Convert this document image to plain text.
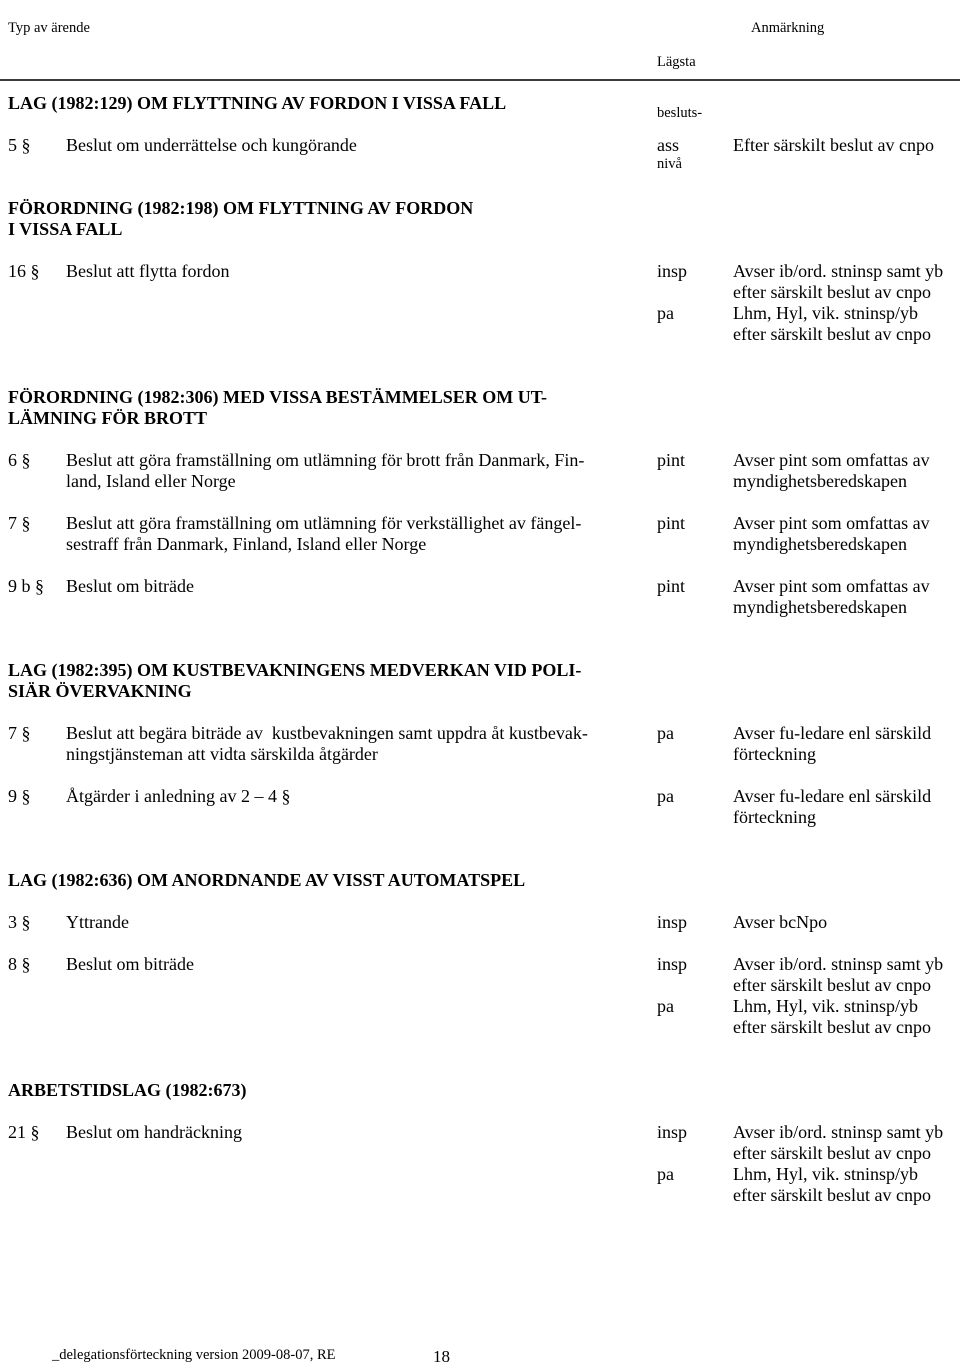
Typ av ärende

Lägsta

besluts-

nivå

Anmärkning
LAG (1982:129) OM FLYTTNING AV FORDON I VISSA FALL
5 §	Beslut om underrättelse och kungörande	ass	Efter särskilt beslut av cnpo
FÖRORDNING (1982:198) OM FLYTTNING AV FORDON
I VISSA FALL
16 §	Beslut att flytta fordon	insp	Avser ib/ord. stninsp samt yb
efter särskilt beslut av cnpo
pa	Lhm, Hyl, vik. stninsp/yb
efter särskilt beslut av cnpo
FÖRORDNING (1982:306) MED VISSA BESTÄMMELSER OM UT-
LÄMNING FÖR BROTT
6 §	Beslut att göra framställning om utlämning för brott från Danmark, Fin-
land, Island eller Norge
pint	Avser pint som omfattas av
myndighetsberedskapen
7 §	Beslut att göra framställning om utlämning för verkställighet av fängel-
sestraff från Danmark, Finland, Island eller Norge
pint	Avser pint som omfattas av
myndighetsberedskapen
9 b §	Beslut om biträde	pint	Avser pint som omfattas av
myndighetsberedskapen
LAG (1982:395) OM KUSTBEVAKNINGENS MEDVERKAN VID POLI-
SIÄR ÖVERVAKNING
7 §	Beslut att begära biträde av  kustbevakningen samt uppdra åt kustbevak-
ningstjänsteman att vidta särskilda åtgärder
pa	Avser fu-ledare enl särskild
förteckning
9 §	Åtgärder i anledning av 2 – 4 §	pa	Avser fu-ledare enl särskild
förteckning
LAG (1982:636) OM ANORDNANDE AV VISST AUTOMATSPEL
3 §	Yttrande	insp	Avser bcNpo
8 §	Beslut om biträde	insp	Avser ib/ord. stninsp samt yb
efter särskilt beslut av cnpo
pa	Lhm, Hyl, vik. stninsp/yb
efter särskilt beslut av cnpo
ARBETSTIDSLAG (1982:673)
21 §	Beslut om handräckning	insp	Avser ib/ord. stninsp samt yb
efter särskilt beslut av cnpo
pa	Lhm, Hyl, vik. stninsp/yb
efter särskilt beslut av cnpo
_delegationsförteckning version 2009-08-07, RE	18
